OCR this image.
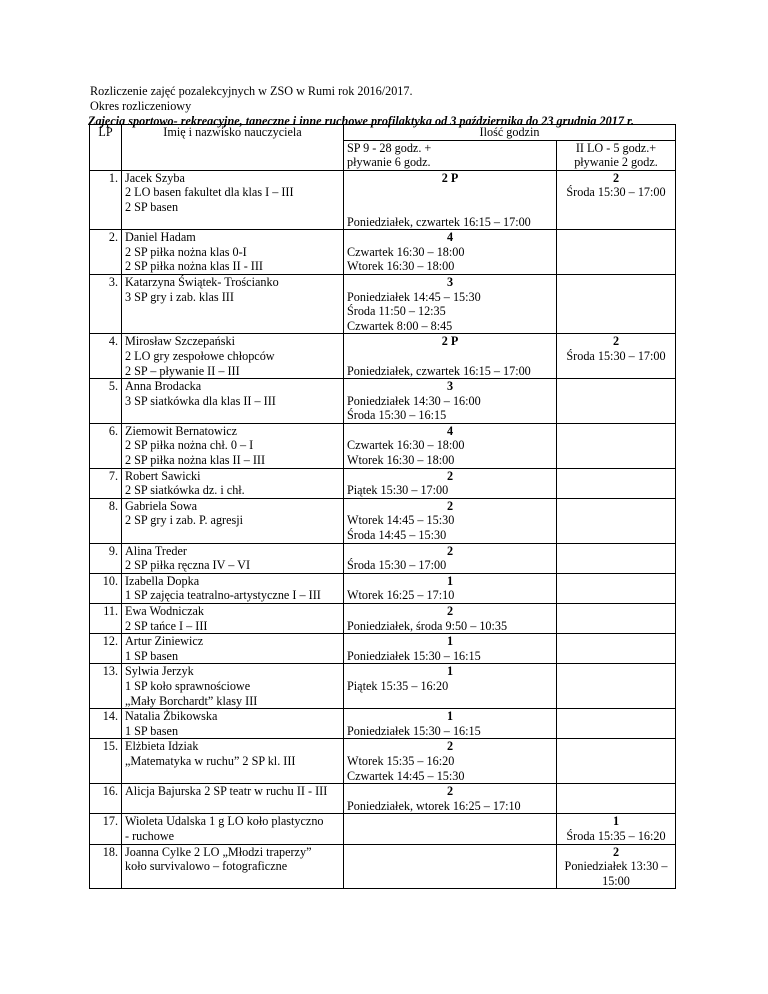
Rozliczenie zajęć pozalekcyjnych w ZSO w Rumi rok 2016/2017.
Okres rozliczeniowy
Zajęcia sportowo- rekreacyjne, taneczne i inne ruchowe profilaktyka od 3 października do 23 grudnia 2017 r.
LP	Imię i nazwisko nauczyciela	Ilość godzin	

		SP 9 - 28 godz. +
pływanie 6 godz.	II LO - 5 godz.+
pływanie 2 godz.

1.	Jacek Szyba
2 LO basen fakultet dla klas I – III
2 SP basen	2 P
Poniedziałek, czwartek 16:15 – 17:00	2
Środa 15:30 – 17:00

2.	Daniel Hadam
2 SP piłka nożna klas 0-I
2 SP piłka nożna klas II - III	4
Czwartek 16:30 – 18:00
Wtorek 16:30 – 18:00	

3.	Katarzyna Świątek- Trościanko
3 SP gry i zab. klas III	3
Poniedziałek 14:45 – 15:30
Środa 11:50 – 12:35
Czwartek 8:00 – 8:45	

4.	Mirosław Szczepański
2 LO gry zespołowe chłopców
2 SP – pływanie II – III	2 P
Poniedziałek, czwartek 16:15 – 17:00	2
Środa 15:30 – 17:00

5.	Anna Brodacka
3 SP siatkówka dla klas II – III	3
Poniedziałek 14:30 – 16:00
Środa 15:30 – 16:15	

6.	Ziemowit Bernatowicz
2 SP piłka nożna chł. 0 – I
2 SP piłka nożna klas II – III	4
Czwartek 16:30 – 18:00
Wtorek 16:30 – 18:00	

7.	Robert Sawicki
2 SP siatkówka dz. i chł.	2
Piątek 15:30 – 17:00	

8.	Gabriela Sowa
2 SP gry i zab. P. agresji	2
Wtorek 14:45 – 15:30
Środa 14:45 – 15:30	

9.	Alina Treder
2 SP piłka ręczna IV – VI	2
Środa 15:30 – 17:00	

10.	Izabella Dopka
1 SP zajęcia teatralno-artystyczne I – III	1
Wtorek 16:25 – 17:10	

11.	Ewa Wodniczak
2 SP tańce I – III	2
Poniedziałek, środa 9:50 – 10:35	

12.	Artur Ziniewicz
1 SP basen	1
Poniedziałek 15:30 – 16:15	

13.	Sylwia Jerzyk
1 SP koło sprawnościowe
„Mały Borchardt” klasy III	1
Piątek 15:35 – 16:20	

14.	Natalia Żbikowska
1 SP basen	1
Poniedziałek 15:30 – 16:15	

15.	Elżbieta Idziak
„Matematyka w ruchu” 2 SP kl. III	2
Wtorek 15:35 – 16:20
Czwartek 14:45 – 15:30	

16.	Alicja Bajurska 2 SP teatr w ruchu II - III	2
Poniedziałek, wtorek 16:25 – 17:10	

17.	Wioleta Udalska 1 g LO koło plastyczno
- ruchowe		1
Środa 15:35 – 16:20

18.	Joanna Cylke 2 LO „Młodzi traperzy”
koło survivalowo – fotograficzne		2
Poniedziałek 13:30 –
15:00
